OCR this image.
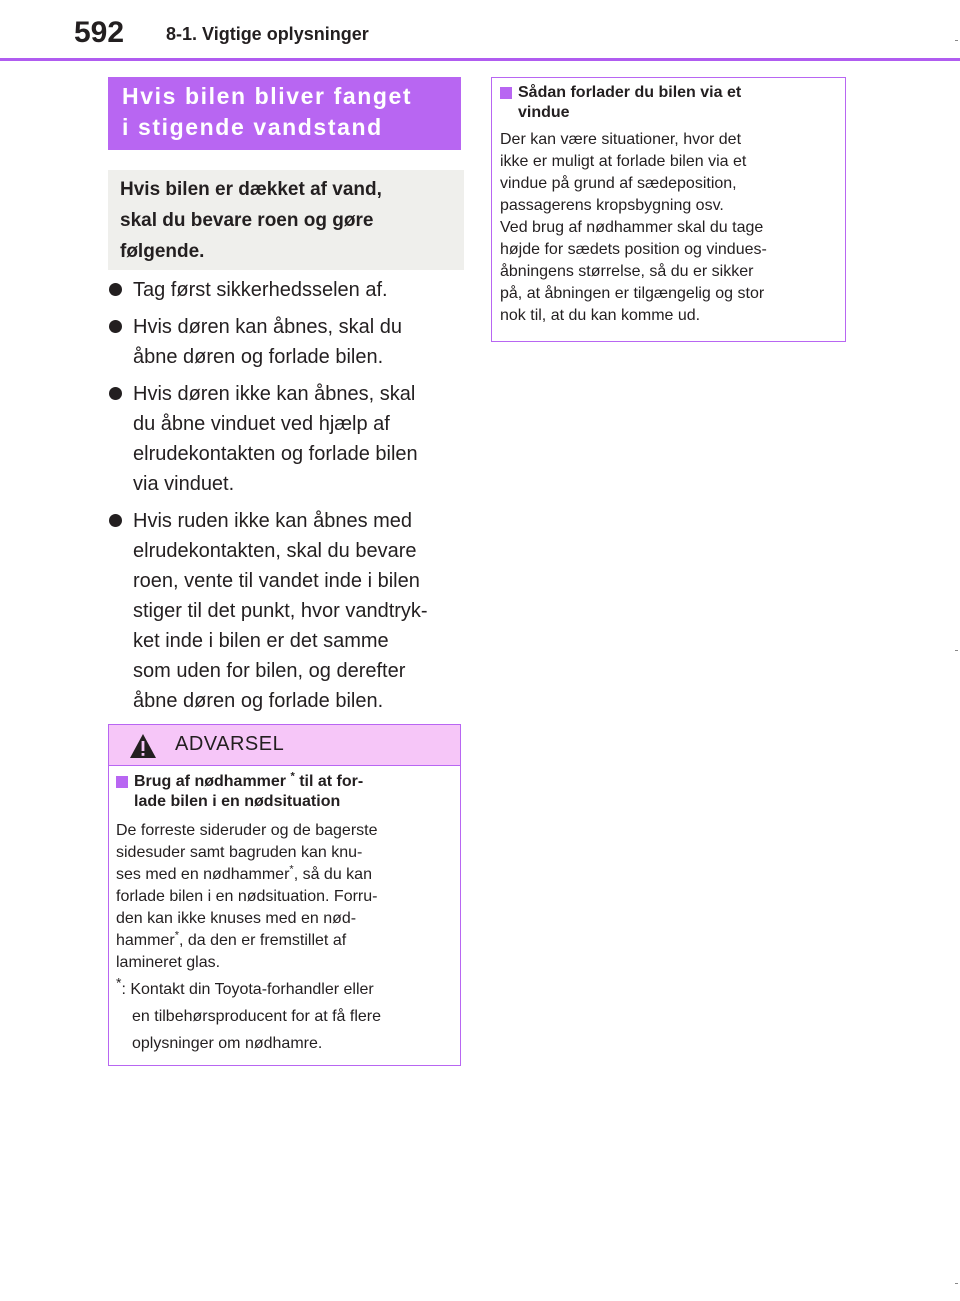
592 8-1. Vigtige oplysninger
Hvis bilen bliver fanget
i stigende vandstand
Hvis bilen er dækket af vand,
skal du bevare roen og gøre
følgende.
Tag først sikkerhedsselen af.
Hvis døren kan åbnes, skal du
åbne døren og forlade bilen.
Hvis døren ikke kan åbnes, skal
du åbne vinduet ved hjælp af
elrudekontakten og forlade bilen
via vinduet.
Hvis ruden ikke kan åbnes med
elrudekontakten, skal du bevare
roen, vente til vandet inde i bilen
stiger til det punkt, hvor vandtryk-
ket inde i bilen er det samme
som uden for bilen, og derefter
åbne døren og forlade bilen.
ADVARSEL
Brug af nødhammer * til at for-
lade bilen i en nødsituation
De forreste sideruder og de bagerste
sidesuder samt bagruden kan knu-
ses med en nødhammer*, så du kan
forlade bilen i en nødsituation. Forru-
den kan ikke knuses med en nød-
hammer*, da den er fremstillet af
lamineret glas.
*: Kontakt din Toyota-forhandler eller
en tilbehørsproducent for at få flere
oplysninger om nødhamre.
Sådan forlader du bilen via et
vindue
Der kan være situationer, hvor det
ikke er muligt at forlade bilen via et
vindue på grund af sædeposition,
passagerens kropsbygning osv.
Ved brug af nødhammer skal du tage
højde for sædets position og vindues-
åbningens størrelse, så du er sikker
på, at åbningen er tilgængelig og stor
nok til, at du kan komme ud.
